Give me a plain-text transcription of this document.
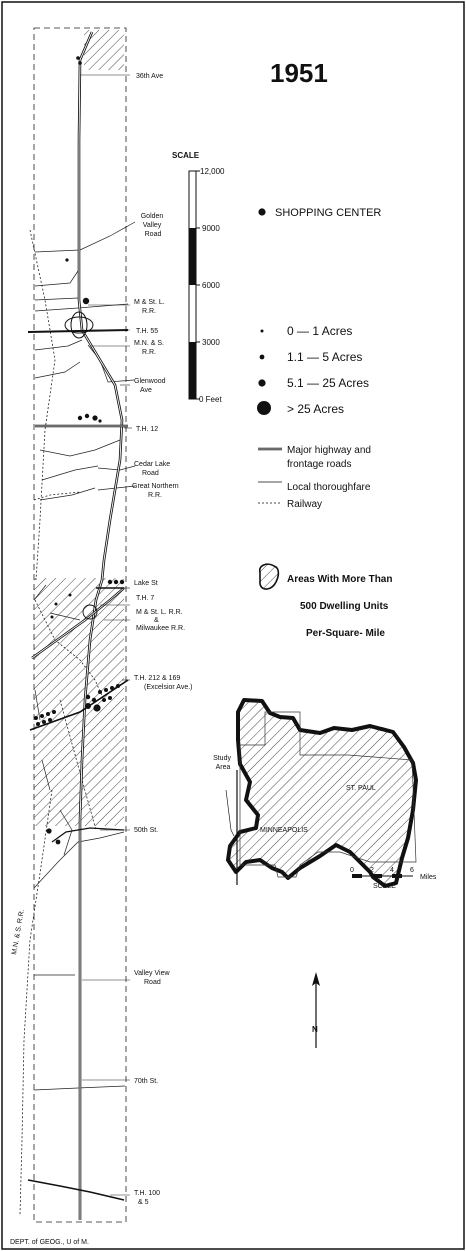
36th Ave
Golden Valley Road
M & St. L. R.R.
T.H. 55
M.N. & S. R.R.
Glenwood Ave
T.H. 12
Cedar Lake Road
Great Northern R.R.
Lake St
T.H. 7
M & St. L. R.R. & Milwaukee R.R.
T.H. 212 & 169 (Excelsior Ave.)
50th St.
Valley View Road
70th St.
T.H. 100 & 5
M.N. & S. R.R.
N
1951
SCALE
12,000
9000
6000
3000
0 Feet
SHOPPING CENTER
0 — 1 Acres
1.1 — 5 Acres
5.1 — 25 Acres
> 25 Acres
Major highway and frontage roads
Local thoroughfare
Railway
Areas With More Than
500 Dwelling Units
Per-Square- Mile
Study Area
MINNEAPOLIS
ST. PAUL
0 2 4 6
Miles
SCALE
DEPT. of GEOG., U of M.
